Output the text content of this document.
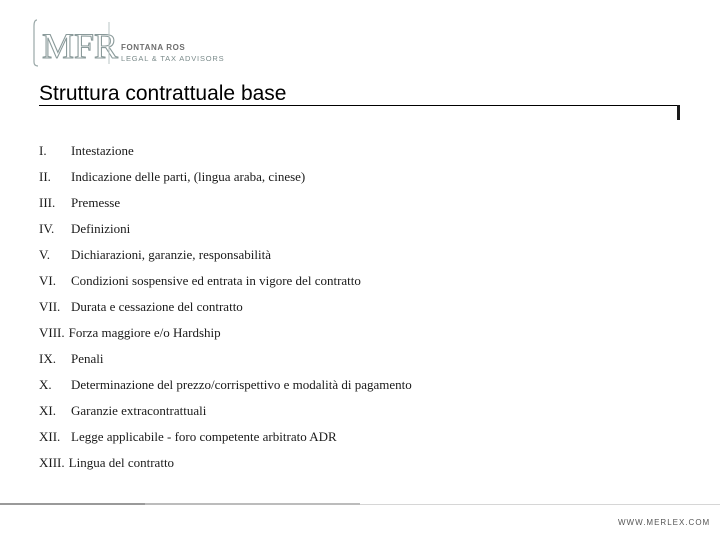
MFR FONTANA ROS
LEGAL & TAX ADVISORS
Struttura contrattuale base
I.	Intestazione
II.	Indicazione delle parti, (lingua araba, cinese)
III.	Premesse
IV.	Definizioni
V.	Dichiarazioni, garanzie, responsabilità
VI.	Condizioni sospensive ed entrata in vigore del contratto
VII. Durata e cessazione del contratto
VIII. Forza maggiore e/o Hardship
IX.	Penali
X.	Determinazione del prezzo/corrispettivo e modalità di pagamento
XI.	Garanzie extracontrattuali
XII. Legge applicabile - foro competente arbitrato ADR
XIII. Lingua del contratto
WWW.MERLEX.COM
